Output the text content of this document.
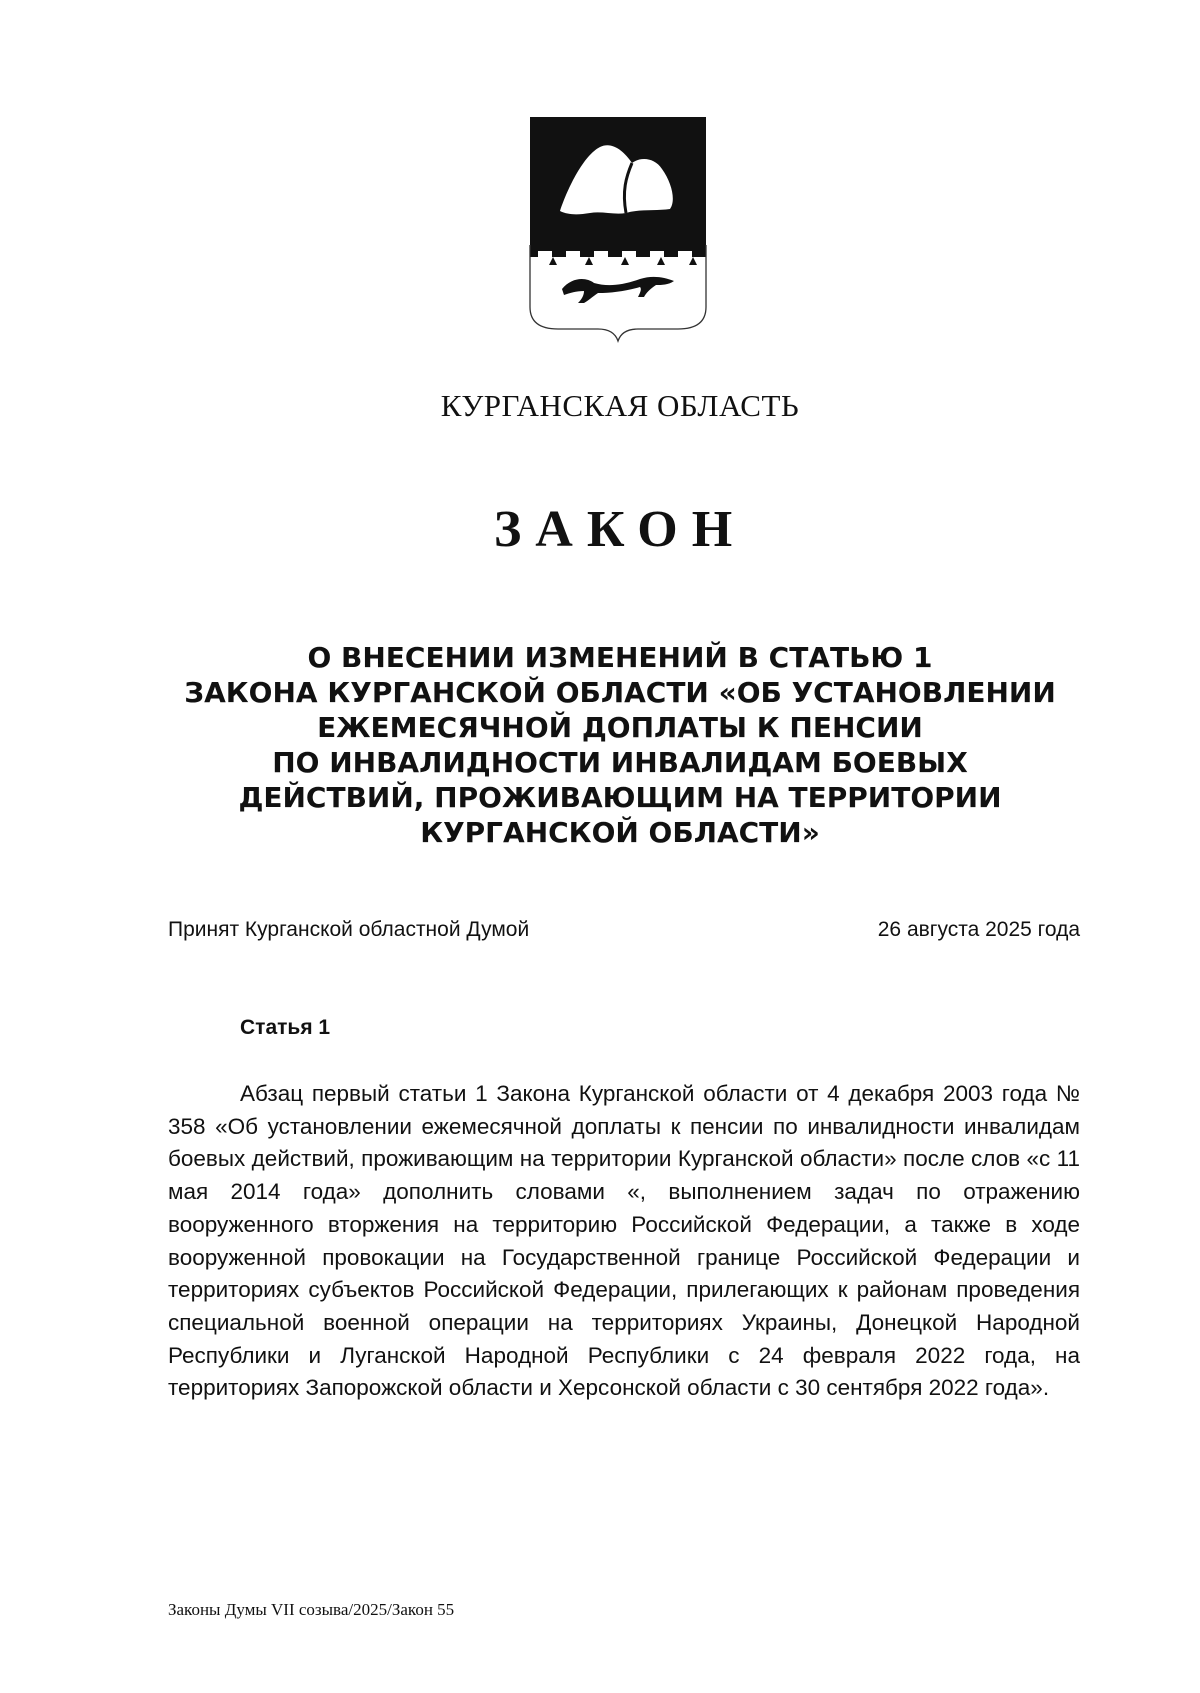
КУРГАНСКАЯ ОБЛАСТЬ
ЗАКОН
О ВНЕСЕНИИ ИЗМЕНЕНИЙ В СТАТЬЮ 1
ЗАКОНА КУРГАНСКОЙ ОБЛАСТИ «ОБ УСТАНОВЛЕНИИ
ЕЖЕМЕСЯЧНОЙ ДОПЛАТЫ К ПЕНСИИ
ПО ИНВАЛИДНОСТИ ИНВАЛИДАМ БОЕВЫХ
ДЕЙСТВИЙ, ПРОЖИВАЮЩИМ НА ТЕРРИТОРИИ
КУРГАНСКОЙ ОБЛАСТИ»
Принят Курганской областной Думой	26 августа 2025 года
Статья 1

Абзац первый статьи 1 Закона Курганской области от 4 декабря 2003 года № 358 «Об установлении ежемесячной доплаты к пенсии по инвалидности инвалидам боевых действий, проживающим на территории Курганской области» после слов «с 11 мая 2014 года» дополнить словами «, выполнением задач по отражению вооруженного вторжения на территорию Российской Федерации, а также в ходе вооруженной провокации на Государственной границе Российской Федерации и территориях субъектов Российской Федерации, прилегающих к районам проведения специальной военной операции на территориях Украины, Донецкой Народной Республики и Луганской Народной Республики с 24 февраля 2022 года, на территориях Запорожской области и Херсонской области с 30 сентября 2022 года».

Законы Думы VII созыва/2025/Закон 55
